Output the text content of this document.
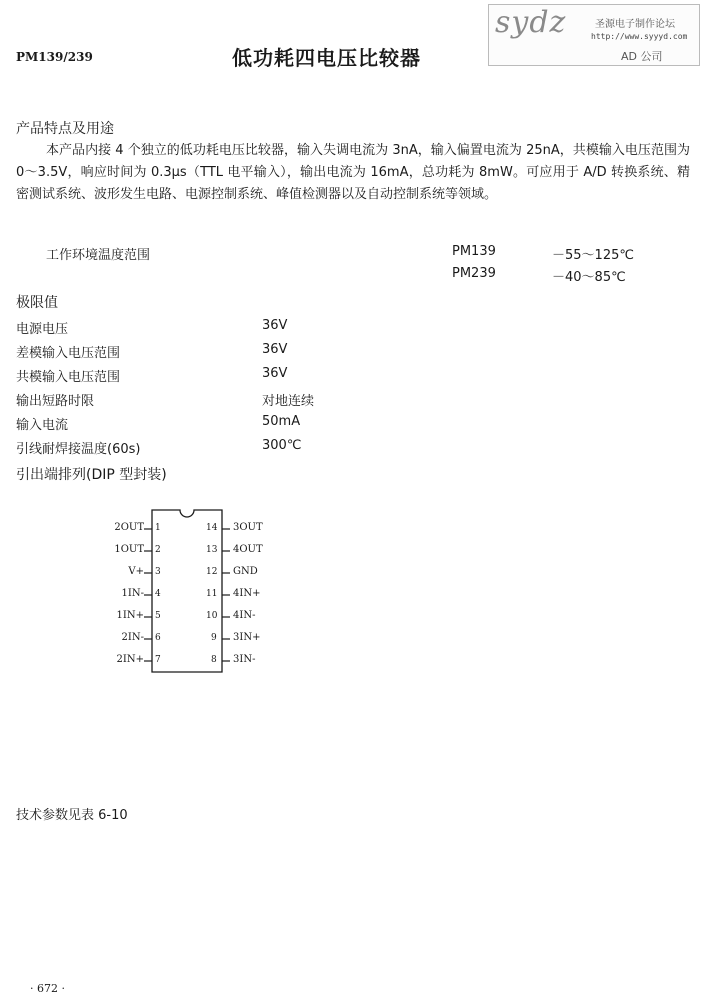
PM139/239	低功耗四电压比较器
sydz	圣源电子制作论坛
http://www.syyyd.com
AD 公司
产品特点及用途
本产品内接 4 个独立的低功耗电压比较器，输入失调电流为 3nA，输入偏置电流为 25nA，共模输入电压范围为 0～3.5V，响应时间为 0.3μs（TTL 电平输入），输出电流为 16mA，总功耗为 8mW。可应用于 A/D 转换系统、精密测试系统、波形发生电路、电源控制系统、峰值检测器以及自动控制系统等领域。
工作环境温度范围	PM139	－55～125℃
PM239	－40～85℃
极限值
电源电压	36V
差模输入电压范围	36V
共模输入电压范围	36V
输出短路时限	对地连续
输入电流	50mA
引线耐焊接温度(60s)	300℃
引出端排列(DIP 型封装)
2OUT 1
1OUT 2
V+ 3
1IN- 4
1IN+ 5
2IN- 6
2IN+ 7
14 3OUT
13 4OUT
12 GND
11 4IN+
10 4IN-
9 3IN+
8 3IN-
技术参数见表 6-10
· 672 ·
